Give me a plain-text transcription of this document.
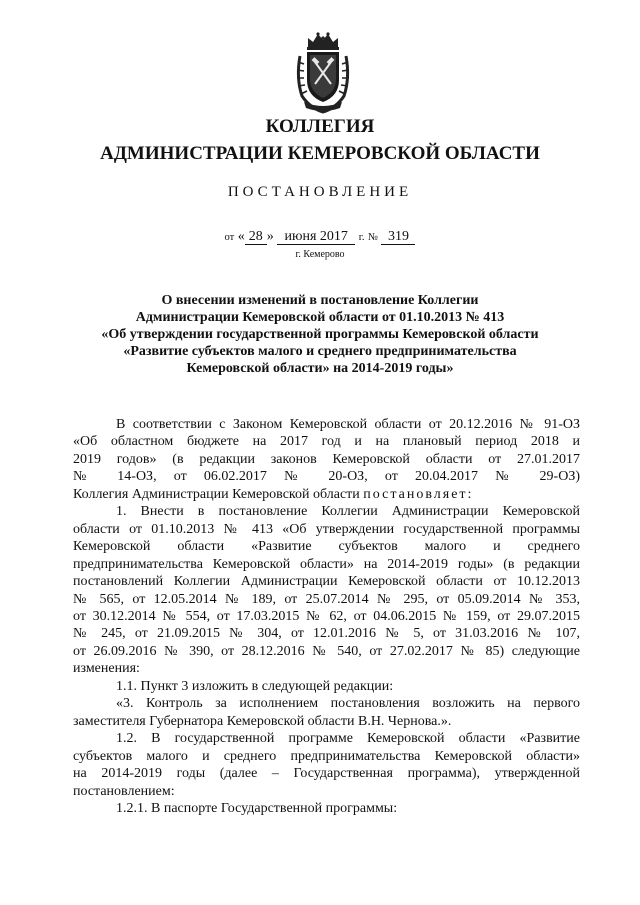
КОЛЛЕГИЯ
АДМИНИСТРАЦИИ КЕМЕРОВСКОЙ ОБЛАСТИ
ПОСТАНОВЛЕНИЕ
от « 28 » июня 2017 г. № 319
г. Кемерово
О внесении изменений в постановление Коллегии
Администрации Кемеровской области от 01.10.2013 № 413
«Об утверждении государственной программы Кемеровской области
«Развитие субъектов малого и среднего предпринимательства
Кемеровской области» на 2014-2019 годы»
В соответствии с Законом Кемеровской области от 20.12.2016 № 91-ОЗ
«Об областном бюджете на 2017 год и на плановый период 2018 и
2019 годов» (в редакции законов Кемеровской области от 27.01.2017
№ 14-ОЗ, от 06.02.2017 № 20-ОЗ, от 20.04.2017 № 29-ОЗ)
Коллегия Администрации Кемеровской области постановляет:
1. Внести в постановление Коллегии Администрации Кемеровской
области от 01.10.2013 № 413 «Об утверждении государственной программы
Кемеровской области «Развитие субъектов малого и среднего
предпринимательства Кемеровской области» на 2014-2019 годы» (в редакции
постановлений Коллегии Администрации Кемеровской области от 10.12.2013
№ 565, от 12.05.2014 № 189, от 25.07.2014 № 295, от 05.09.2014 № 353,
от 30.12.2014 № 554, от 17.03.2015 № 62, от 04.06.2015 № 159, от 29.07.2015
№ 245, от 21.09.2015 № 304, от 12.01.2016 № 5, от 31.03.2016 № 107,
от 26.09.2016 № 390, от 28.12.2016 № 540, от 27.02.2017 № 85) следующие
изменения:
1.1. Пункт 3 изложить в следующей редакции:
«3. Контроль за исполнением постановления возложить на первого
заместителя Губернатора Кемеровской области В.Н. Чернова.».
1.2. В государственной программе Кемеровской области «Развитие
субъектов малого и среднего предпринимательства Кемеровской области»
на 2014-2019 годы (далее – Государственная программа), утвержденной
постановлением:
1.2.1. В паспорте Государственной программы:
